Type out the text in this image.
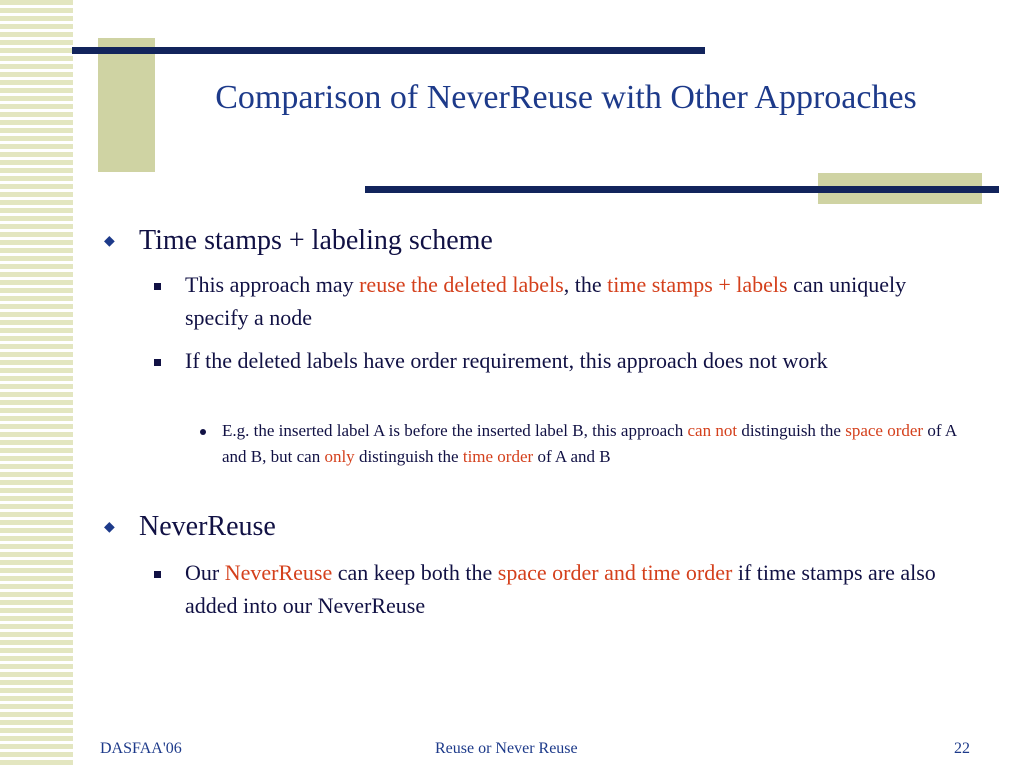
Comparison of NeverReuse with Other Approaches
◆ Time stamps + labeling scheme
This approach may reuse the deleted labels, the time stamps + labels can uniquely specify a node
If the deleted labels have order requirement, this approach does not work
E.g. the inserted label A is before the inserted label B, this approach can not distinguish the space order of A and B, but can only distinguish the time order of A and B
◆ NeverReuse
Our NeverReuse can keep both the space order and time order if time stamps are also added into our NeverReuse
DASFAA'06	Reuse or Never Reuse	22
